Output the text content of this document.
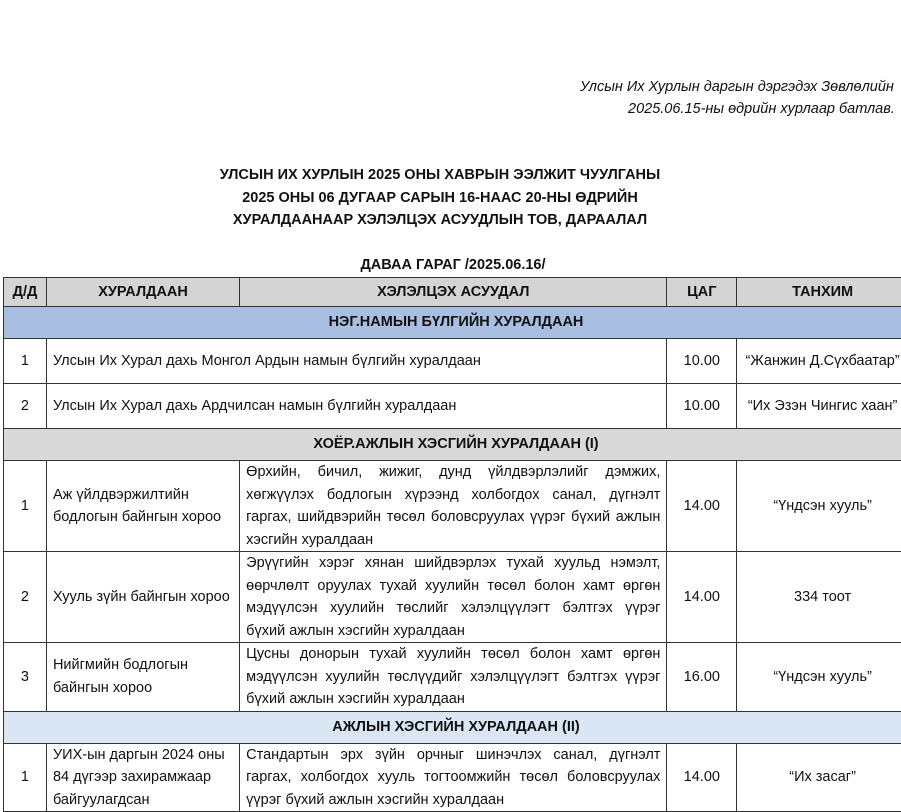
Улсын Их Хурлын даргын дэргэдэх Зөвлөлийн
2025.06.15-ны өдрийн хурлаар батлав.
УЛСЫН ИХ ХУРЛЫН 2025 ОНЫ ХАВРЫН ЭЭЛЖИТ ЧУУЛГАНЫ
2025 ОНЫ 06 ДУГААР САРЫН 16-НААС 20-НЫ ӨДРИЙН
ХУРАЛДААНААР ХЭЛЭЛЦЭХ АСУУДЛЫН ТОВ, ДАРААЛАЛ
ДАВАА ГАРАГ /2025.06.16/
Д/Д	ХУРАЛДААН	ХЭЛЭЛЦЭХ АСУУДАЛ	ЦАГ	ТАНХИМ
НЭГ.НАМЫН БҮЛГИЙН ХУРАЛДААН				
1	Улсын Их Хурал дахь Монгол Ардын намын бүлгийн хуралдаан		10.00	“Жанжин Д.Сүхбаатар”
2	Улсын Их Хурал дахь Ардчилсан намын бүлгийн хуралдаан		10.00	“Их Эзэн Чингис хаан”
ХОЁР.АЖЛЫН ХЭСГИЙН ХУРАЛДААН (I)				
1	Аж үйлдвэржилтийн бодлогын байнгын хороо	Өрхийн, бичил, жижиг, дунд үйлдвэрлэлийг дэмжих, хөгжүүлэх бодлогын хүрээнд холбогдох санал, дүгнэлт гаргах, шийдвэрийн төсөл боловсруулах үүрэг бүхий ажлын хэсгийн хуралдаан	14.00	“Үндсэн хууль”
2	Хууль зүйн байнгын хороо	Эрүүгийн хэрэг хянан шийдвэрлэх тухай хуульд нэмэлт, өөрчлөлт оруулах тухай хуулийн төсөл болон хамт өргөн мэдүүлсэн хуулийн төслийг хэлэлцүүлэгт бэлтгэх үүрэг бүхий ажлын хэсгийн хуралдаан	14.00	334 тоот
3	Нийгмийн бодлогын байнгын хороо	Цусны донорын тухай хуулийн төсөл болон хамт өргөн мэдүүлсэн хуулийн төслүүдийг хэлэлцүүлэгт бэлтгэх үүрэг бүхий ажлын хэсгийн хуралдаан	16.00	“Үндсэн хууль”
АЖЛЫН ХЭСГИЙН ХУРАЛДААН (II)				
1	УИХ-ын даргын 2024 оны 84 дүгээр захирамжаар байгуулагдсан	Стандартын эрх зүйн орчныг шинэчлэх санал, дүгнэлт гаргах, холбогдох хууль тогтоомжийн төсөл боловсруулах үүрэг бүхий ажлын хэсгийн хуралдаан	14.00	“Их засаг”
